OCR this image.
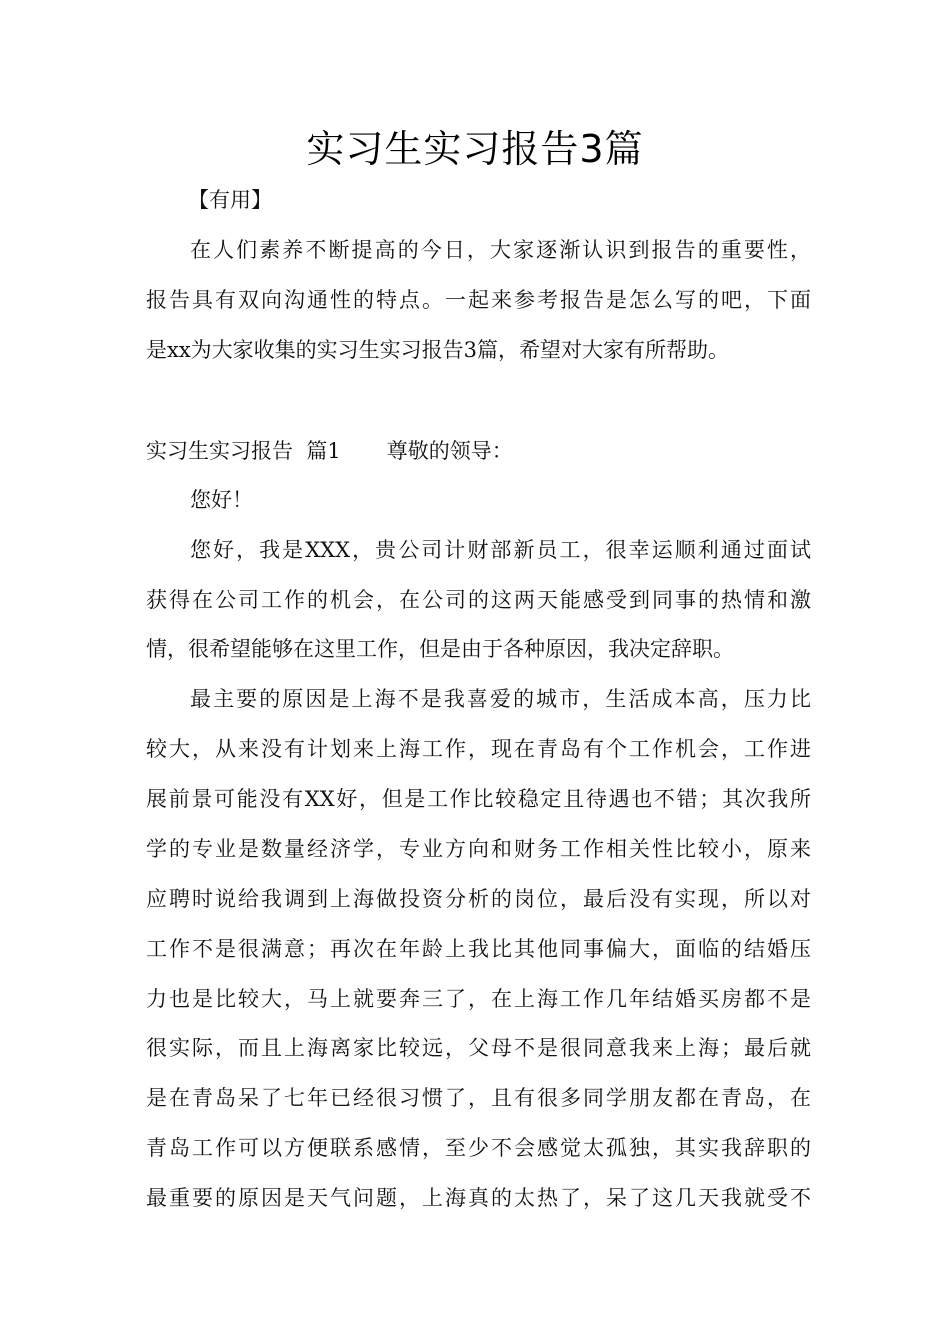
实习生实习报告3篇
【有用】
在人们素养不断提高的今日，大家逐渐认识到报告的重要性，
报告具有双向沟通性的特点。一起来参考报告是怎么写的吧，下面
是xx为大家收集的实习生实习报告3篇，希望对大家有所帮助。
实习生实习报告  篇1 尊敬的领导：
您好！
您好，我是XXX，贵公司计财部新员工，很幸运顺利通过面试
获得在公司工作的机会，在公司的这两天能感受到同事的热情和激
情，很希望能够在这里工作，但是由于各种原因，我决定辞职。
最主要的原因是上海不是我喜爱的城市，生活成本高，压力比
较大，从来没有计划来上海工作，现在青岛有个工作机会，工作进
展前景可能没有XX好，但是工作比较稳定且待遇也不错；其次我所
学的专业是数量经济学，专业方向和财务工作相关性比较小，原来
应聘时说给我调到上海做投资分析的岗位，最后没有实现，所以对
工作不是很满意；再次在年龄上我比其他同事偏大，面临的结婚压
力也是比较大，马上就要奔三了，在上海工作几年结婚买房都不是
很实际，而且上海离家比较远，父母不是很同意我来上海；最后就
是在青岛呆了七年已经很习惯了，且有很多同学朋友都在青岛，在
青岛工作可以方便联系感情，至少不会感觉太孤独，其实我辞职的
最重要的原因是天气问题，上海真的太热了，呆了这几天我就受不
